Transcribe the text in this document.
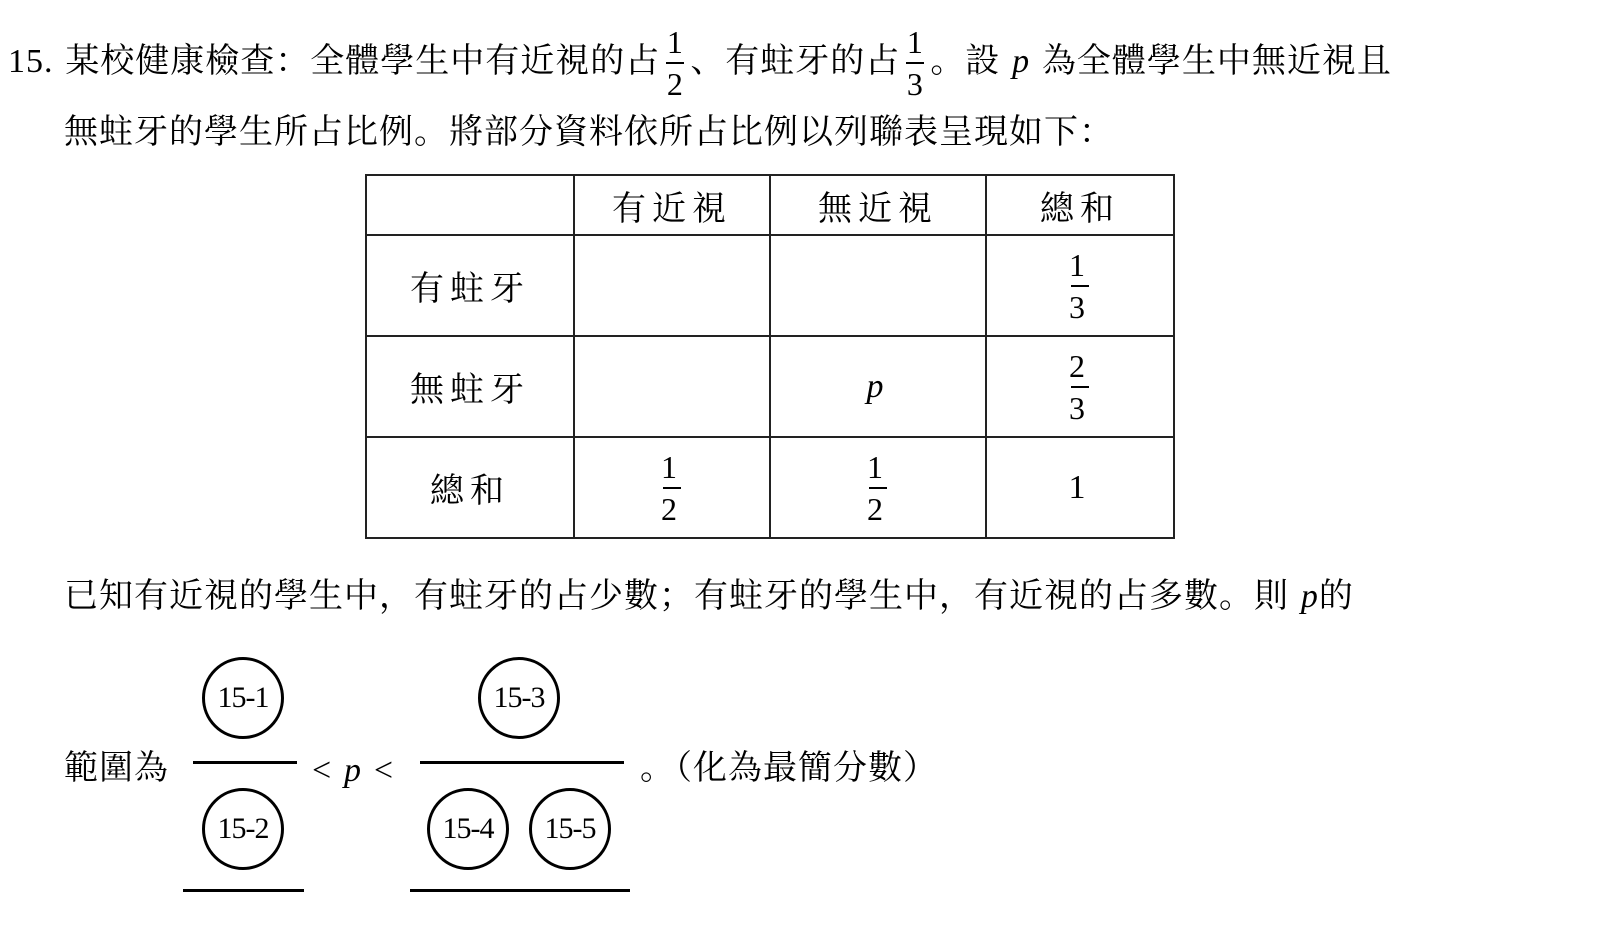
15. 某校健康檢查：全體學生中有近視的占 $\frac{1}{2}$ 、有蛀牙的占 $\frac{1}{3}$ 。設 p 為全體學生中無近視且
無蛀牙的學生所占比例。將部分資料依所占比例以列聯表呈現如下：
	有近視	無近視	總和
有蛀牙			$\frac{1}{3}$

無蛀牙		p	$\frac{2}{3}$

總和	$\frac{1}{2}$	$\frac{1}{2}$	1
已知有近視的學生中，有蛀牙的占少數；有蛀牙的學生中，有近視的占多數。則 p的
範圍為
15-1
15-2
< p <
15-3
15-4	15-5
。（化為最簡分數）
